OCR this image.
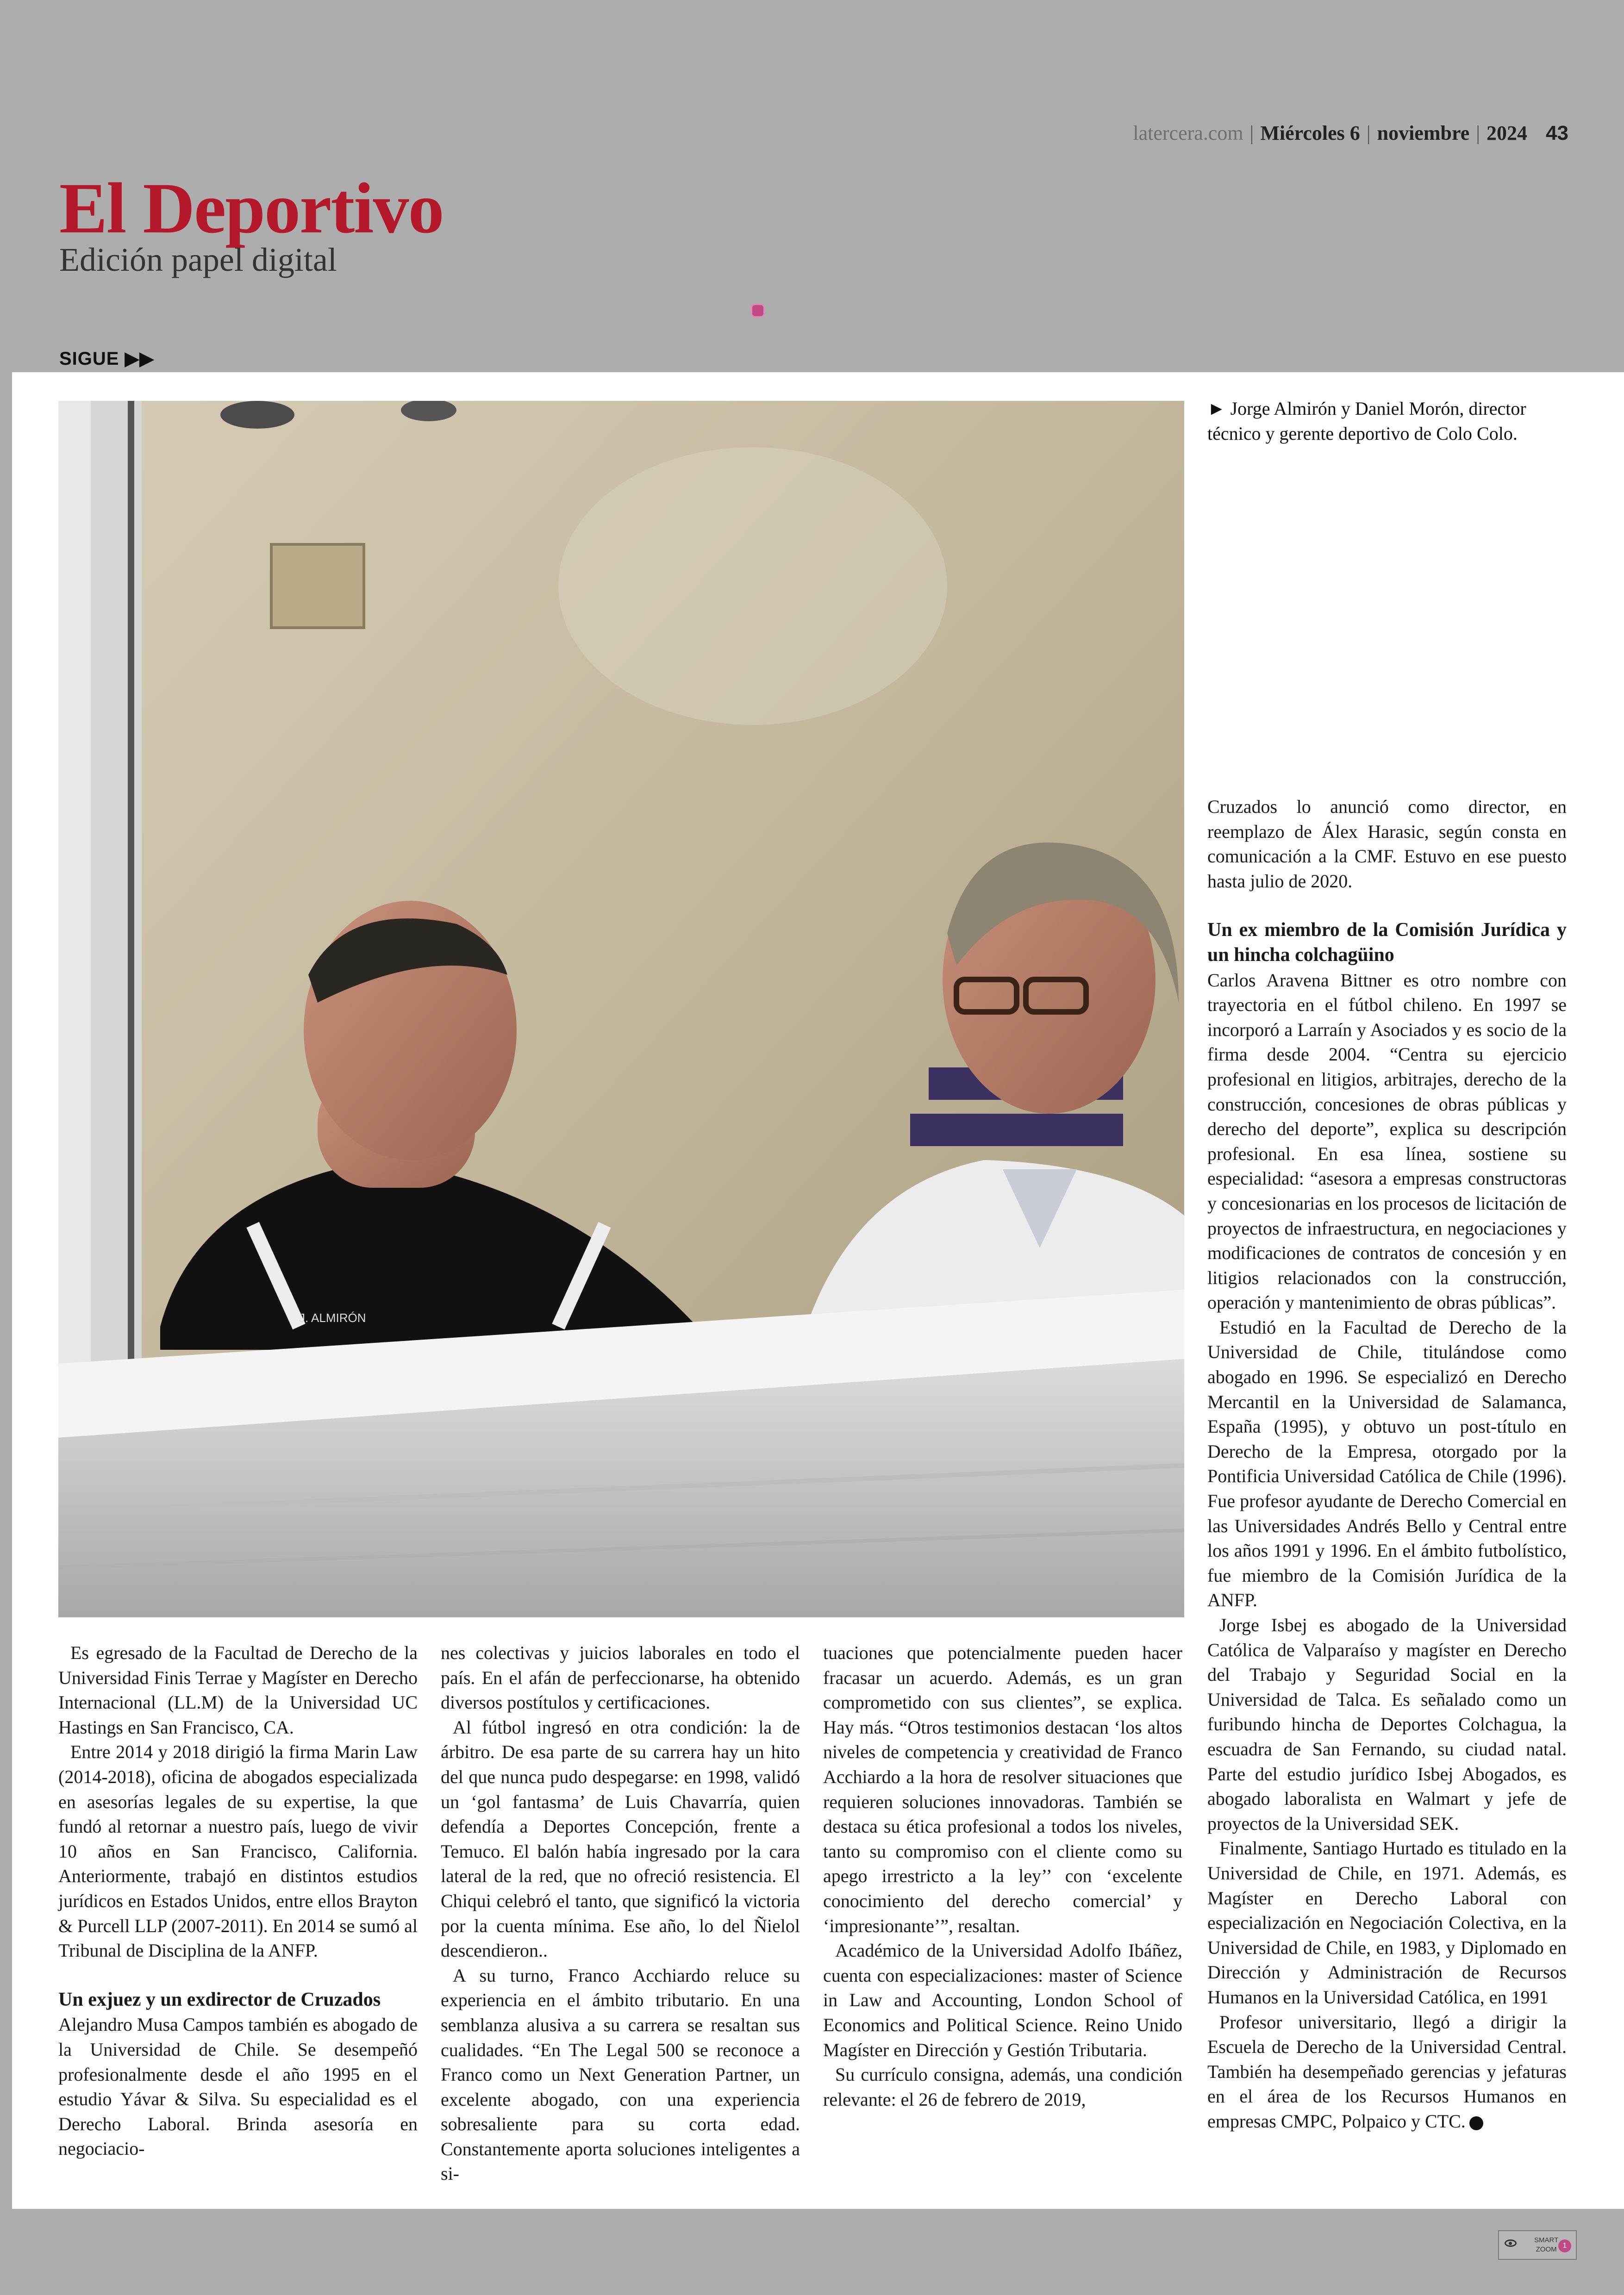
latercera.com | Miércoles 6 | noviembre | 2024 43
El Deportivo
Edición papel digital
SIGUE ▶▶
J. ALMIRÓN
► Jorge Almirón y Daniel Morón, director técnico y gerente deportivo de Colo Colo.

Es egresado de la Facultad de Derecho de la Universidad Finis Terrae y Magíster en Derecho Internacional (LL.M) de la Universidad UC Hastings en San Francisco, CA.

Entre 2014 y 2018 dirigió la firma Marin Law (2014-2018), oficina de abogados especializada en asesorías legales de su expertise, la que fundó al retornar a nuestro país, luego de vivir 10 años en San Francisco, California. Anteriormente, trabajó en distintos estudios jurídicos en Estados Unidos, entre ellos Brayton & Purcell LLP (2007-2011). En 2014 se sumó al Tribunal de Disciplina de la ANFP.

Un exjuez y un exdirector de Cruzados

Alejandro Musa Campos también es abogado de la Universidad de Chile. Se desempeñó profesionalmente desde el año 1995 en el estudio Yávar & Silva. Su especialidad es el Derecho Laboral. Brinda asesoría en negociacio-

nes colectivas y juicios laborales en todo el país. En el afán de perfeccionarse, ha obtenido diversos postítulos y certificaciones.

Al fútbol ingresó en otra condición: la de árbitro. De esa parte de su carrera hay un hito del que nunca pudo despegarse: en 1998, validó un ‘gol fantasma’ de Luis Chavarría, quien defendía a Deportes Concepción, frente a Temuco. El balón había ingresado por la cara lateral de la red, que no ofreció resistencia. El Chiqui celebró el tanto, que significó la victoria por la cuenta mínima. Ese año, lo del Ñielol descendieron..

A su turno, Franco Acchiardo reluce su experiencia en el ámbito tributario. En una semblanza alusiva a su carrera se resaltan sus cualidades. “En The Legal 500 se reconoce a Franco como un Next Generation Partner, un excelente abogado, con una experiencia sobresaliente para su corta edad. Constantemente aporta soluciones inteligentes a si-

tuaciones que potencialmente pueden hacer fracasar un acuerdo. Además, es un gran comprometido con sus clientes”, se explica. Hay más. “Otros testimonios destacan ‘los altos niveles de competencia y creatividad de Franco Acchiardo a la hora de resolver situaciones que requieren soluciones innovadoras. También se destaca su ética profesional a todos los niveles, tanto su compromiso con el cliente como su apego irrestricto a la ley’’ con ‘excelente conocimiento del derecho comercial’ y ‘impresionante’”, resaltan.

Académico de la Universidad Adolfo Ibáñez, cuenta con especializaciones: master of Science in Law and Accounting, London School of Economics and Political Science. Reino Unido Magíster en Dirección y Gestión Tributaria.

Su currículo consigna, además, una condición relevante: el 26 de febrero de 2019,

Cruzados lo anunció como director, en reemplazo de Álex Harasic, según consta en comunicación a la CMF. Estuvo en ese puesto hasta julio de 2020.

Un ex miembro de la Comisión Jurídica y un hincha colchagüino

Carlos Aravena Bittner es otro nombre con trayectoria en el fútbol chileno. En 1997 se incorporó a Larraín y Asociados y es socio de la firma desde 2004. “Centra su ejercicio profesional en litigios, arbitrajes, derecho de la construcción, concesiones de obras públicas y derecho del deporte”, explica su descripción profesional. En esa línea, sostiene su especialidad: “asesora a empresas constructoras y concesionarias en los procesos de licitación de proyectos de infraestructura, en negociaciones y modificaciones de contratos de concesión y en litigios relacionados con la construcción, operación y mantenimiento de obras públicas”.

Estudió en la Facultad de Derecho de la Universidad de Chile, titulándose como abogado en 1996. Se especializó en Derecho Mercantil en la Universidad de Salamanca, España (1995), y obtuvo un post-título en Derecho de la Empresa, otorgado por la Pontificia Universidad Católica de Chile (1996). Fue profesor ayudante de Derecho Comercial en las Universidades Andrés Bello y Central entre los años 1991 y 1996. En el ámbito futbolístico, fue miembro de la Comisión Jurídica de la ANFP.

Jorge Isbej es abogado de la Universidad Católica de Valparaíso y magíster en Derecho del Trabajo y Seguridad Social en la Universidad de Talca. Es señalado como un furibundo hincha de Deportes Colchagua, la escuadra de San Fernando, su ciudad natal. Parte del estudio jurídico Isbej Abogados, es abogado laboralista en Walmart y jefe de proyectos de la Universidad SEK.

Finalmente, Santiago Hurtado es titulado en la Universidad de Chile, en 1971. Además, es Magíster en Derecho Laboral con especialización en Negociación Colectiva, en la Universidad de Chile, en 1983, y Diplomado en Dirección y Administración de Recursos Humanos en la Universidad Católica, en 1991

Profesor universitario, llegó a dirigir la Escuela de Derecho de la Universidad Central. También ha desempeñado gerencias y jefaturas en el área de los Recursos Humanos en empresas CMPC, Polpaico y CTC.

SMART
ZOOM 1
